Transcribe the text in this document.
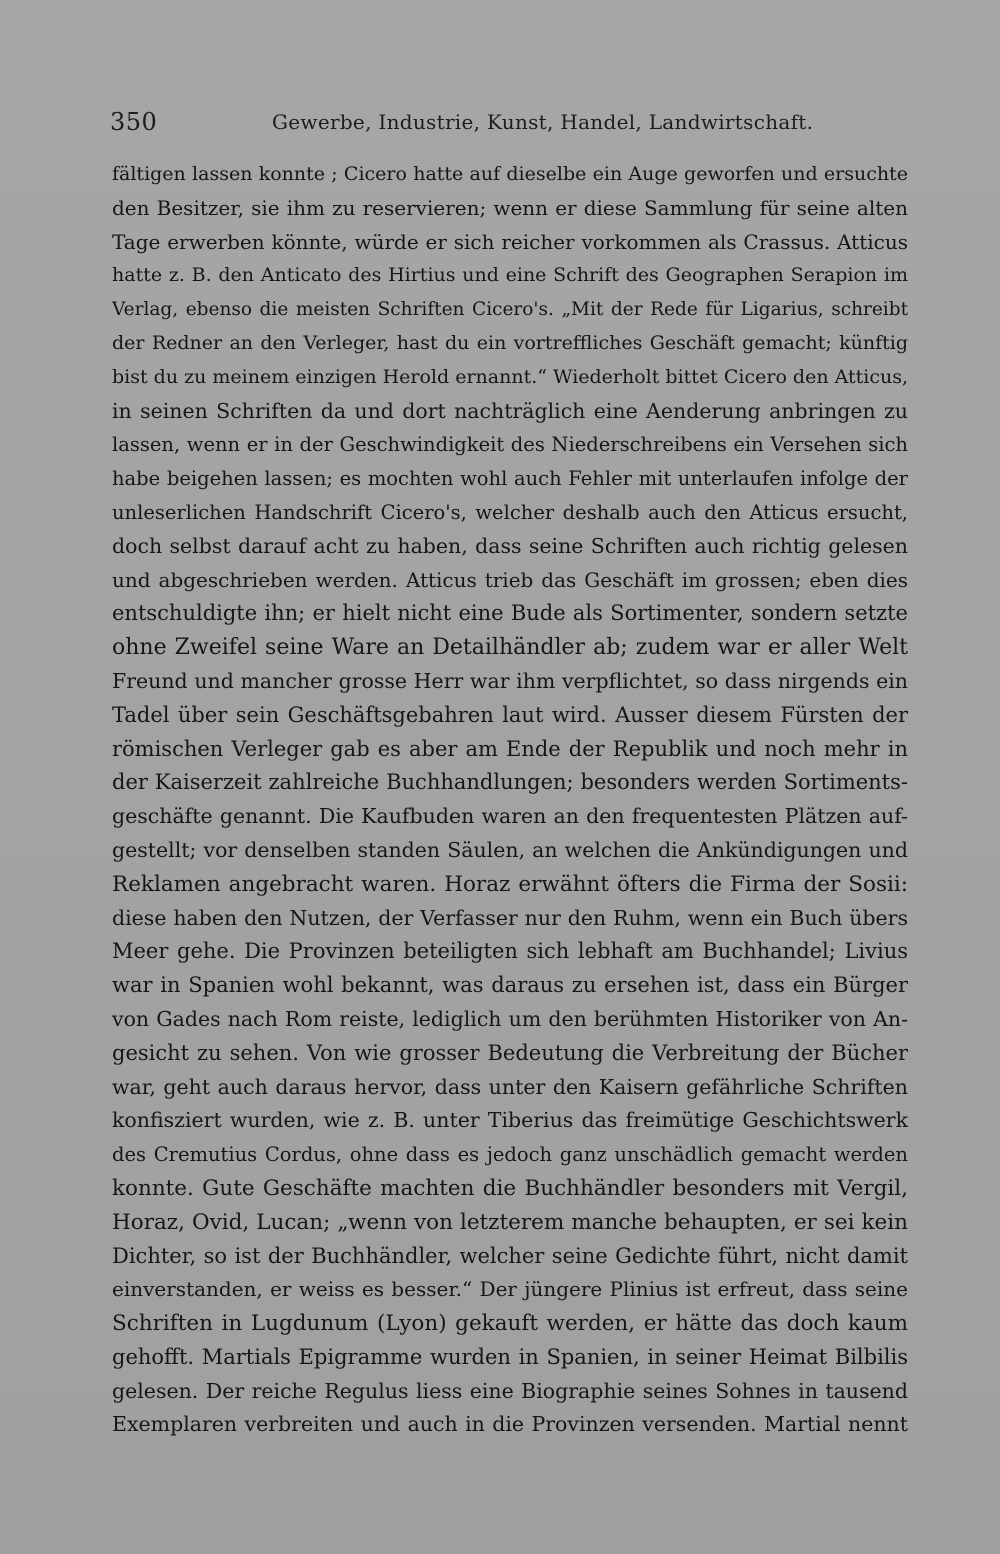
350	Gewerbe, Industrie, Kunst, Handel, Landwirtschaft.
fältigen lassen konnte ; Cicero hatte auf dieselbe ein Auge geworfen und ersuchte
den Besitzer, sie ihm zu reservieren; wenn er diese Sammlung für seine alten
Tage erwerben könnte, würde er sich reicher vorkommen als Crassus. Atticus
hatte z. B. den Anticato des Hirtius und eine Schrift des Geographen Serapion im
Verlag, ebenso die meisten Schriften Cicero's. „Mit der Rede für Ligarius, schreibt
der Redner an den Verleger, hast du ein vortreffliches Geschäft gemacht; künftig
bist du zu meinem einzigen Herold ernannt.“ Wiederholt bittet Cicero den Atticus,
in seinen Schriften da und dort nachträglich eine Aenderung anbringen zu
lassen, wenn er in der Geschwindigkeit des Niederschreibens ein Versehen sich
habe beigehen lassen; es mochten wohl auch Fehler mit unterlaufen infolge der
unleserlichen Handschrift Cicero's, welcher deshalb auch den Atticus ersucht,
doch selbst darauf acht zu haben, dass seine Schriften auch richtig gelesen
und abgeschrieben werden. Atticus trieb das Geschäft im grossen; eben dies
entschuldigte ihn; er hielt nicht eine Bude als Sortimenter, sondern setzte
ohne Zweifel seine Ware an Detailhändler ab; zudem war er aller Welt
Freund und mancher grosse Herr war ihm verpflichtet, so dass nirgends ein
Tadel über sein Geschäftsgebahren laut wird. Ausser diesem Fürsten der
römischen Verleger gab es aber am Ende der Republik und noch mehr in
der Kaiserzeit zahlreiche Buchhandlungen; besonders werden Sortiments-
geschäfte genannt. Die Kaufbuden waren an den frequentesten Plätzen auf-
gestellt; vor denselben standen Säulen, an welchen die Ankündigungen und
Reklamen angebracht waren. Horaz erwähnt öfters die Firma der Sosii:
diese haben den Nutzen, der Verfasser nur den Ruhm, wenn ein Buch übers
Meer gehe. Die Provinzen beteiligten sich lebhaft am Buchhandel; Livius
war in Spanien wohl bekannt, was daraus zu ersehen ist, dass ein Bürger
von Gades nach Rom reiste, lediglich um den berühmten Historiker von An-
gesicht zu sehen. Von wie grosser Bedeutung die Verbreitung der Bücher
war, geht auch daraus hervor, dass unter den Kaisern gefährliche Schriften
konfisziert wurden, wie z. B. unter Tiberius das freimütige Geschichtswerk
des Cremutius Cordus, ohne dass es jedoch ganz unschädlich gemacht werden
konnte. Gute Geschäfte machten die Buchhändler besonders mit Vergil,
Horaz, Ovid, Lucan; „wenn von letzterem manche behaupten, er sei kein
Dichter, so ist der Buchhändler, welcher seine Gedichte führt, nicht damit
einverstanden, er weiss es besser.“ Der jüngere Plinius ist erfreut, dass seine
Schriften in Lugdunum (Lyon) gekauft werden, er hätte das doch kaum
gehofft. Martials Epigramme wurden in Spanien, in seiner Heimat Bilbilis
gelesen. Der reiche Regulus liess eine Biographie seines Sohnes in tausend
Exemplaren verbreiten und auch in die Provinzen versenden. Martial nennt
